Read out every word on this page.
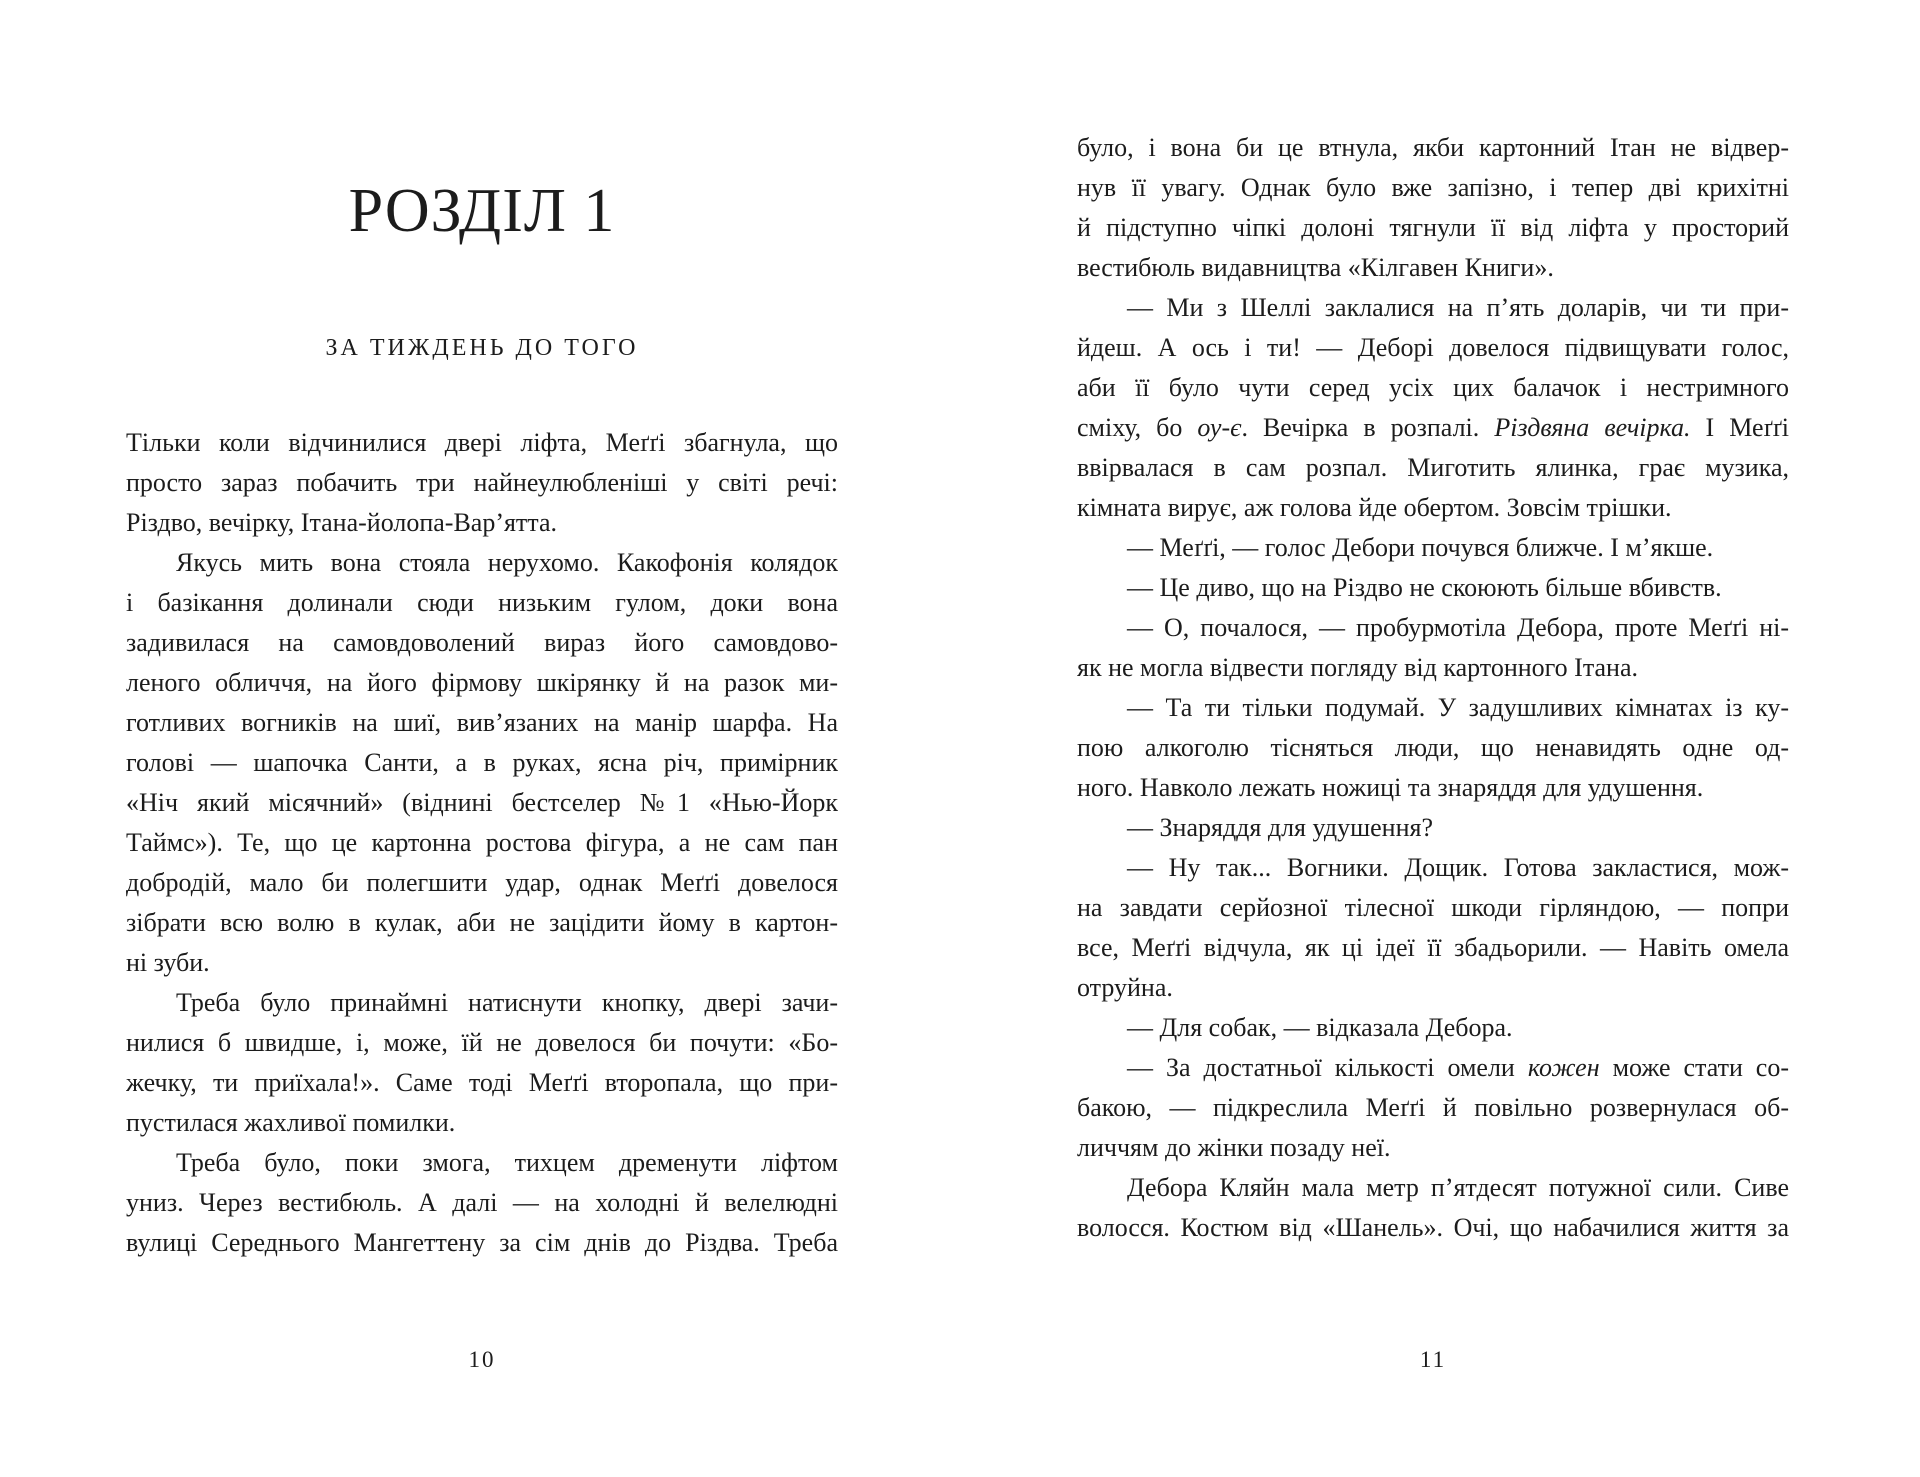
РОЗДІЛ 1
ЗА ТИЖДЕНЬ ДО ТОГО

Тільки коли відчинилися двері ліфта, Меґґі збагнула, що

просто зараз побачить три найнеулюбленіші у світі речі:

Різдво, вечірку, Ітана-йолопа-Вар’ятта.

Якусь мить вона стояла нерухомо. Какофонія колядок

і базікання долинали сюди низьким гулом, доки вона

задивилася на самовдоволений вираз його самовдово-

леного обличчя, на його фірмову шкірянку й на разок ми-

готливих вогників на шиї, вив’язаних на манір шарфа. На

голові — шапочка Санти, а в руках, ясна річ, примірник

«Ніч який місячний» (віднині бестселер №1 «Нью-Йорк

Таймс»). Те, що це картонна ростова фігура, а не сам пан

добродій, мало би полегшити удар, однак Меґґі довелося

зібрати всю волю в кулак, аби не зацідити йому в картон-

ні зуби.

Треба було принаймні натиснути кнопку, двері зачи-

нилися б швидше, і, може, їй не довелося би почути: «Бо-

жечку, ти приїхала!». Саме тоді Меґґі второпала, що при-

пустилася жахливої помилки.

Треба було, поки змога, тихцем дременути ліфтом

униз. Через вестибюль. А далі — на холодні й велелюдні

вулиці Середнього Мангеттену за сім днів до Різдва. Треба

10

було, і вона би це втнула, якби картонний Ітан не відвер-

нув її увагу. Однак було вже запізно, і тепер дві крихітні

й підступно чіпкі долоні тягнули її від ліфта у просторий

вестибюль видавництва «Кілгавен Книги».

— Ми з Шеллі заклалися на п’ять доларів, чи ти при-

йдеш. А ось і ти! — Деборі довелося підвищувати голос,

аби її було чути серед усіх цих балачок і нестримного

сміху, бо оу-є. Вечірка в розпалі. Різдвяна вечірка. І Меґґі

ввірвалася в сам розпал. Миготить ялинка, грає музика,

кімната вирує, аж голова йде обертом. Зовсім трішки.

— Меґґі, — голос Дебори почувся ближче. І м’якше.

— Це диво, що на Різдво не скоюють більше вбивств.

— О, почалося, — пробурмотіла Дебора, проте Меґґі ні-

як не могла відвести погляду від картонного Ітана.

— Та ти тільки подумай. У задушливих кімнатах із ку-

пою алкоголю тісняться люди, що ненавидять одне од-

ного. Навколо лежать ножиці та знаряддя для удушення.

— Знаряддя для удушення?

— Ну так... Вогники. Дощик. Готова закластися, мож-

на завдати серйозної тілесної шкоди гірляндою, — попри

все, Меґґі відчула, як ці ідеї її збадьорили. — Навіть омела

отруйна.

— Для собак, — відказала Дебора.

— За достатньої кількості омели кожен може стати со-

бакою, — підкреслила Меґґі й повільно розвернулася об-

личчям до жінки позаду неї.

Дебора Кляйн мала метр п’ятдесят потужної сили. Сиве

волосся. Костюм від «Шанель». Очі, що набачилися життя за

11
